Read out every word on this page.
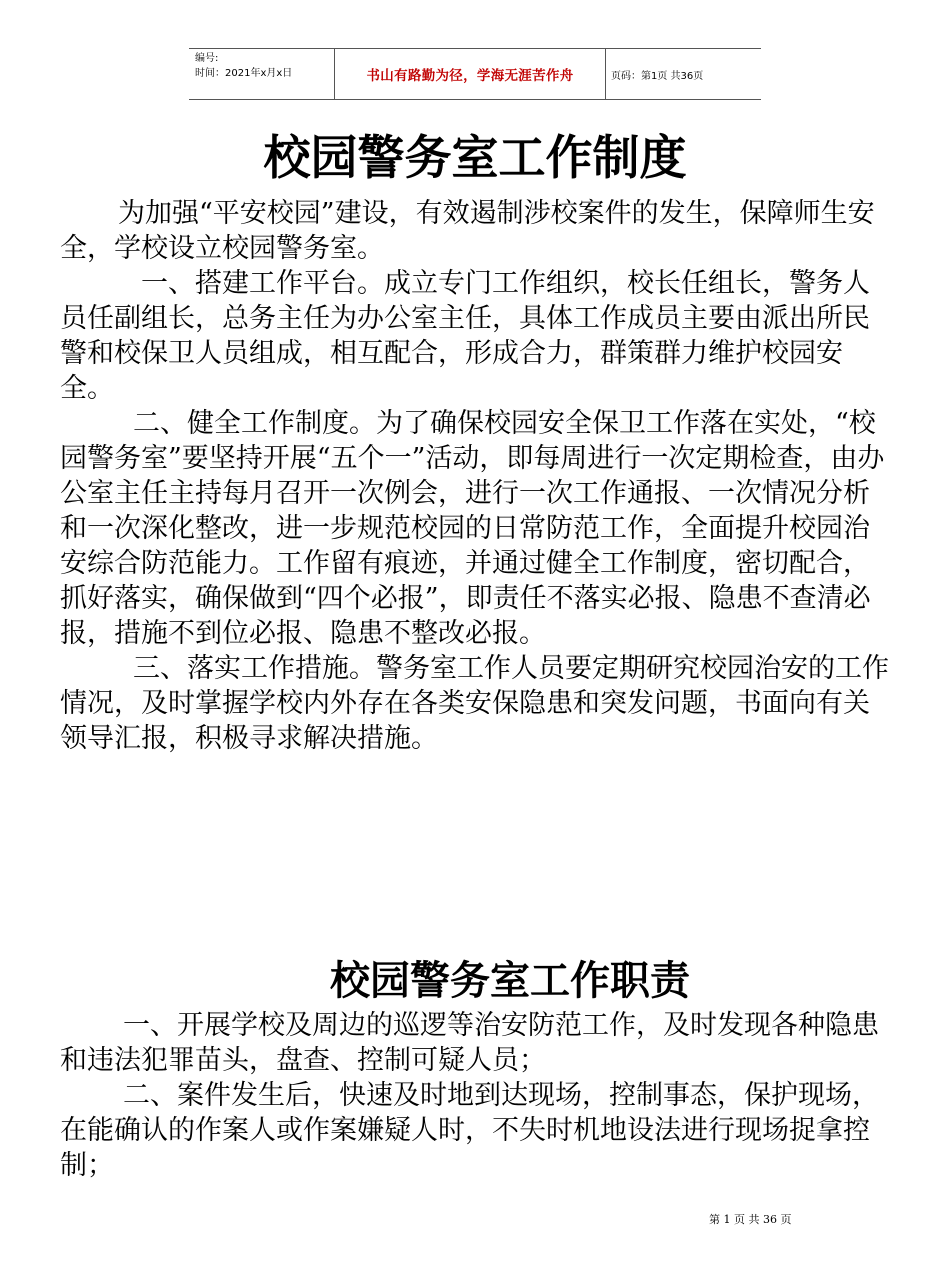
编号:
时间：2021年x月x日	书山有路勤为径，学海无涯苦作舟	页码：第1页 共36页
校园警务室工作制度

为加强“平安校园”建设，有效遏制涉校案件的发生，保障师生安全，学校设立校园警务室。

一、搭建工作平台。成立专门工作组织，校长任组长，警务人员任副组长，总务主任为办公室主任，具体工作成员主要由派出所民警和校保卫人员组成，相互配合，形成合力，群策群力维护校园安全。

二、健全工作制度。为了确保校园安全保卫工作落在实处，“校园警务室”要坚持开展“五个一”活动，即每周进行一次定期检查，由办公室主任主持每月召开一次例会，进行一次工作通报、一次情况分析和一次深化整改，进一步规范校园的日常防范工作，全面提升校园治安综合防范能力。工作留有痕迹，并通过健全工作制度，密切配合，抓好落实，确保做到“四个必报”，即责任不落实必报、隐患不查清必报，措施不到位必报、隐患不整改必报。

三、落实工作措施。警务室工作人员要定期研究校园治安的工作情况，及时掌握学校内外存在各类安保隐患和突发问题，书面向有关领导汇报，积极寻求解决措施。

校园警务室工作职责

一、开展学校及周边的巡逻等治安防范工作，及时发现各种隐患和违法犯罪苗头，盘查、控制可疑人员；

二、案件发生后，快速及时地到达现场，控制事态，保护现场，在能确认的作案人或作案嫌疑人时，不失时机地设法进行现场捉拿控制；

第 1 页 共 36 页
